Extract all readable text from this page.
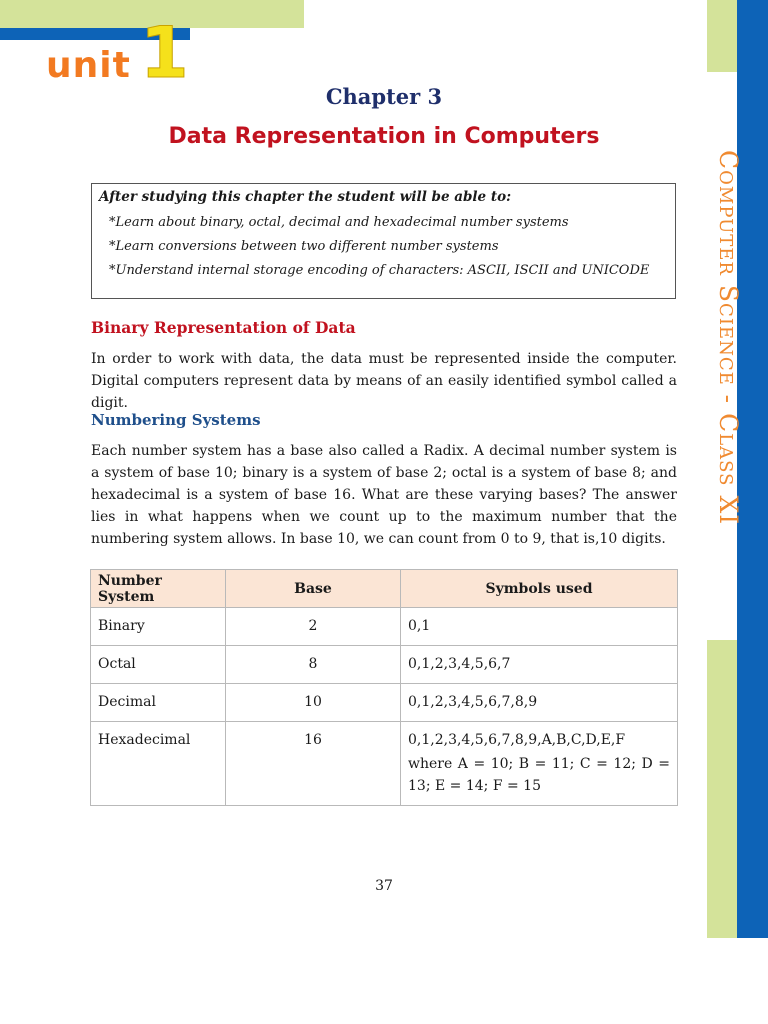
unit 1
Computer Science - Class XI
Chapter 3
Data Representation in Computers
After studying this chapter the student will be able to:
*Learn about binary, octal, decimal and hexadecimal number systems
*Learn conversions between two different number systems
*Understand internal storage encoding of characters: ASCII, ISCII and UNICODE
Binary Representation of Data
In order to work with data, the data must be represented inside the computer. Digital computers represent data by means of an easily identified symbol called a digit.
Numbering Systems
Each number system has a base also called a Radix. A decimal number system is a system of base 10; binary is a system of base 2; octal is a system of base 8; and hexadecimal is a system of base 16. What are these varying bases? The answer lies in what happens when we count up to the maximum number that the numbering system allows. In base 10, we can count from 0 to 9, that is,10 digits.
Number System	Base	Symbols used
Binary	2	0,1
Octal	8	0,1,2,3,4,5,6,7
Decimal	10	0,1,2,3,4,5,6,7,8,9
Hexadecimal	16	0,1,2,3,4,5,6,7,8,9,A,B,C,D,E,F
where A = 10; B = 11; C = 12; D = 13; E = 14; F = 15
37
